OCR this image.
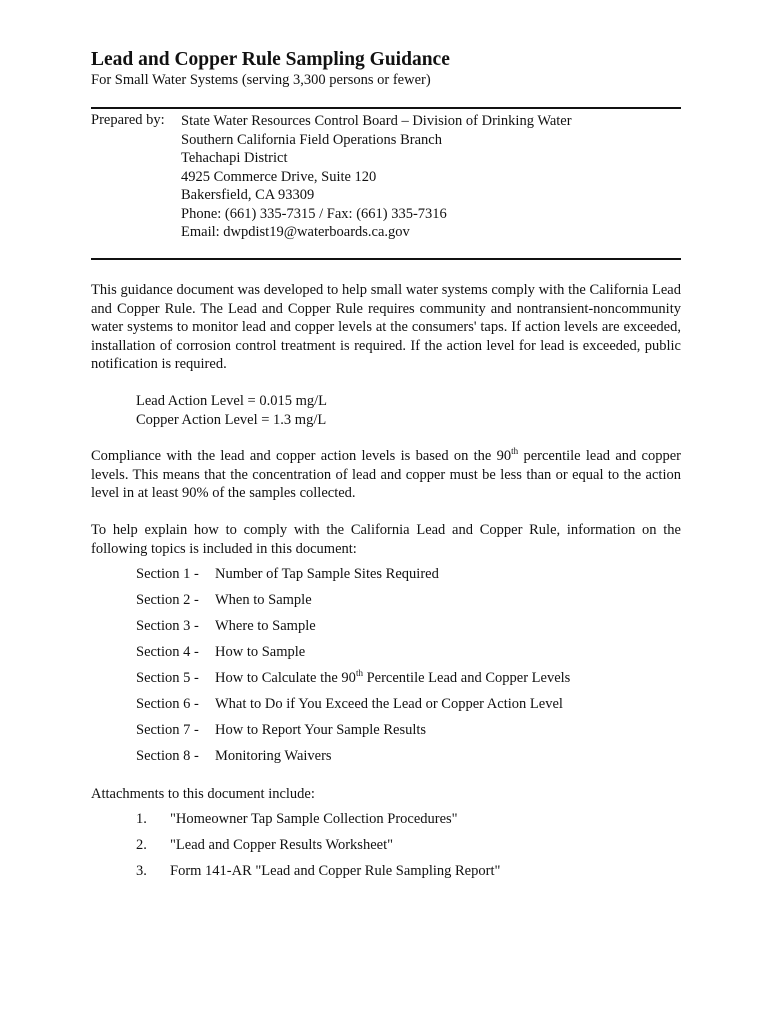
Lead and Copper Rule Sampling Guidance
For Small Water Systems (serving 3,300 persons or fewer)
Prepared by: State Water Resources Control Board – Division of Drinking Water
Southern California Field Operations Branch
Tehachapi District
4925 Commerce Drive, Suite 120
Bakersfield, CA 93309
Phone: (661) 335-7315 / Fax: (661) 335-7316
Email: dwpdist19@waterboards.ca.gov
This guidance document was developed to help small water systems comply with the California Lead and Copper Rule. The Lead and Copper Rule requires community and nontransient-noncommunity water systems to monitor lead and copper levels at the consumers' taps. If action levels are exceeded, installation of corrosion control treatment is required. If the action level for lead is exceeded, public notification is required.
Lead Action Level = 0.015 mg/L
Copper Action Level = 1.3 mg/L
Compliance with the lead and copper action levels is based on the 90th percentile lead and copper levels. This means that the concentration of lead and copper must be less than or equal to the action level in at least 90% of the samples collected.
To help explain how to comply with the California Lead and Copper Rule, information on the following topics is included in this document:
Section 1 -	Number of Tap Sample Sites Required
Section 2 -	When to Sample
Section 3 -	Where to Sample
Section 4 -	How to Sample
Section 5 -	How to Calculate the 90th Percentile Lead and Copper Levels
Section 6 -	What to Do if You Exceed the Lead or Copper Action Level
Section 7 -	How to Report Your Sample Results
Section 8 -	Monitoring Waivers
Attachments to this document include:
1.	"Homeowner Tap Sample Collection Procedures"
2.	"Lead and Copper Results Worksheet"
3.	Form 141-AR "Lead and Copper Rule Sampling Report"
